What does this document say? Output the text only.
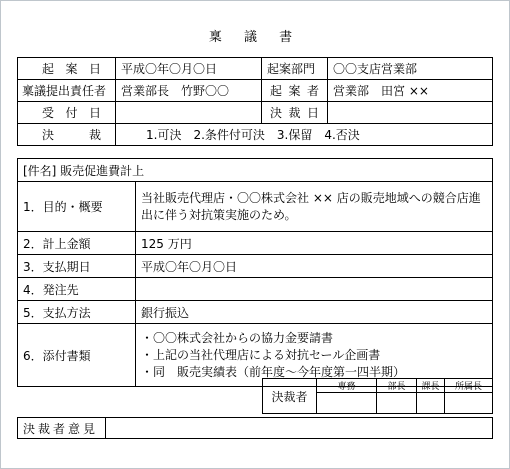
稟 議 書
起案日	平成〇年〇月〇日	起案部門	〇〇支店営業部
稟議提出責任者	営業部長　竹野〇〇	起案者	営業部　田宮 ××
受付日		決裁日	
決裁	1.可決　2.条件付可決　3.保留　4.否決		
[件名] 販売促進費計上	
1．目的・概要	当社販売代理店・〇〇株式会社 ×× 店の販売地域への競合店進出に伴う対抗策実施のため。
2．計上金額	125 万円
3．支払期日	平成〇年〇月〇日
4．発注先	
5．支払方法	銀行振込
6．添付書類	・〇〇株式会社からの協力金要請書
・上記の当社代理店による対抗セール企画書
・同　販売実績表（前年度〜今年度第一四半期）
決裁者	専務	部長	課長	所属長

決裁者意見	
